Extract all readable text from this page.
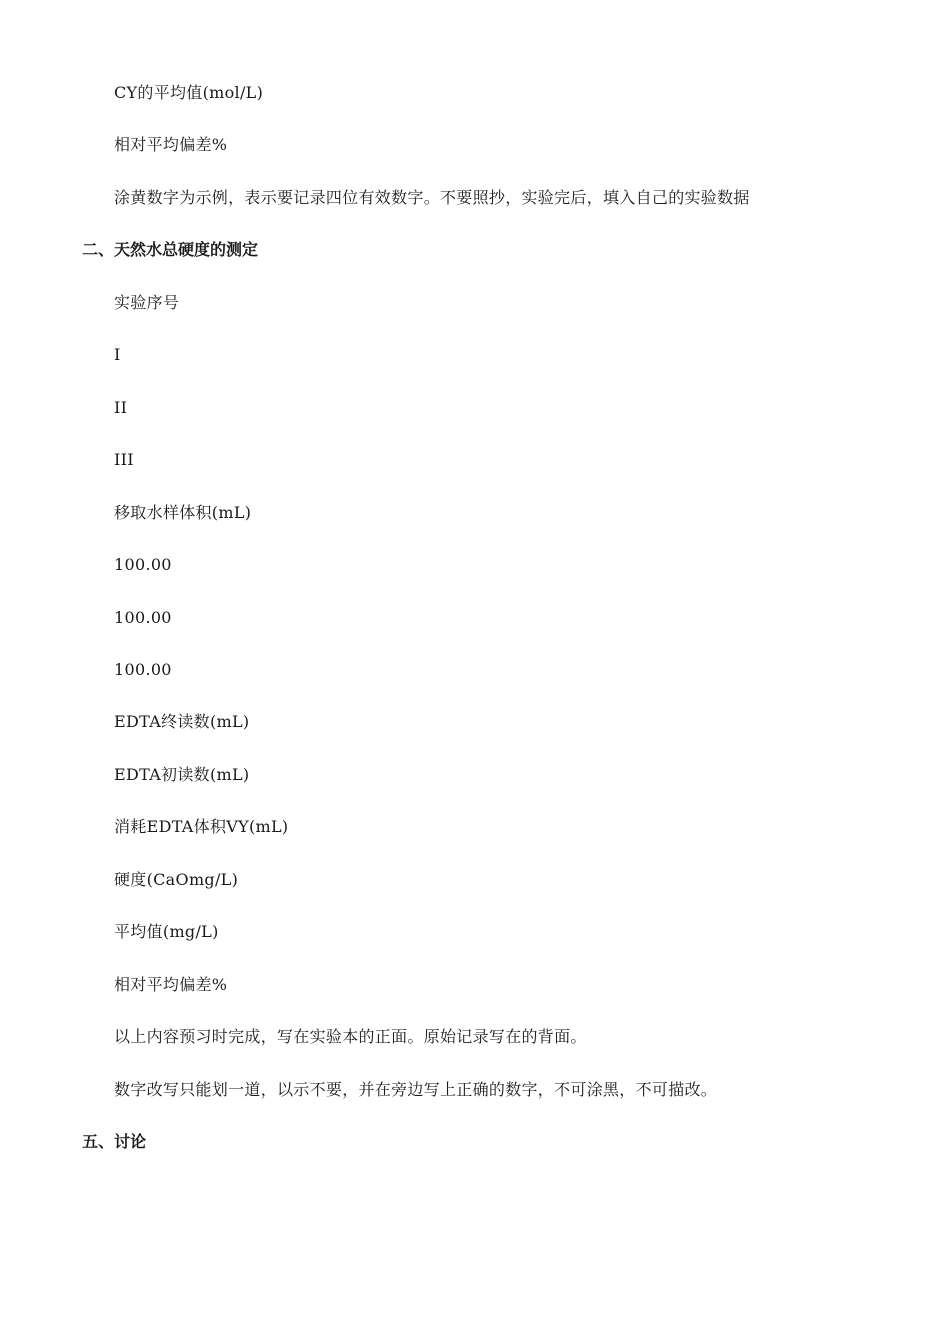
CY的平均值(mol/L)
相对平均偏差%
涂黄数字为示例，表示要记录四位有效数字。不要照抄，实验完后，填入自己的实验数据
二、天然水总硬度的测定
实验序号
I
II
III
移取水样体积(mL)
100.00
100.00
100.00
EDTA终读数(mL)
EDTA初读数(mL)
消耗EDTA体积VY(mL)
硬度(CaOmg/L)
平均值(mg/L)
相对平均偏差%
以上内容预习时完成，写在实验本的正面。原始记录写在的背面。
数字改写只能划一道，以示不要，并在旁边写上正确的数字，不可涂黑，不可描改。
五、讨论
